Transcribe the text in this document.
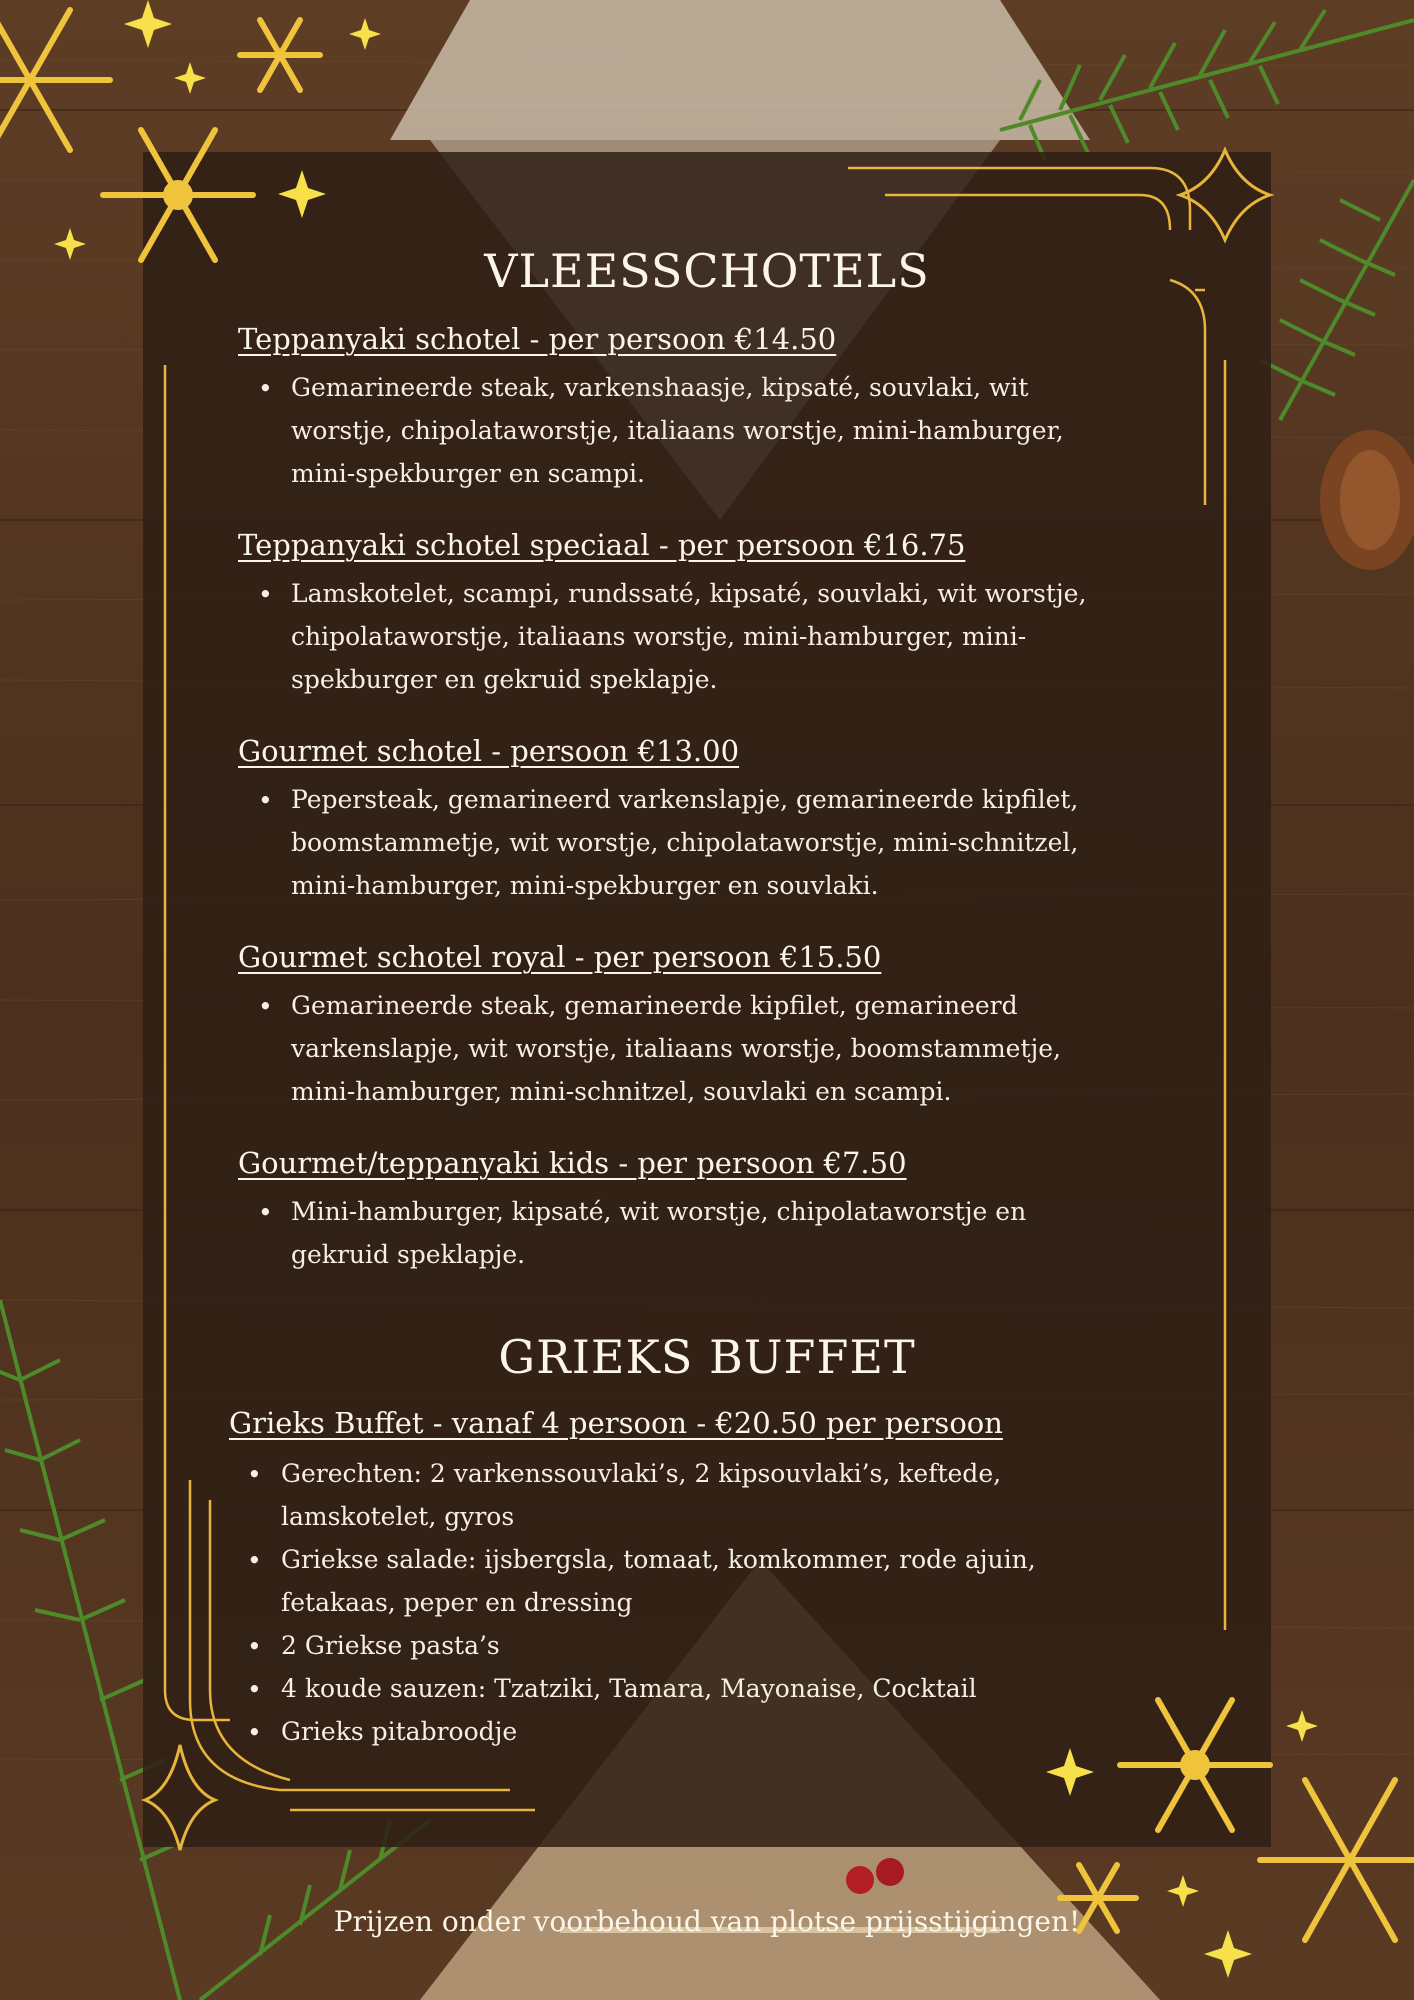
VLEESSCHOTELS
Teppanyaki schotel - per persoon €14.50
• Gemarineerde steak, varkenshaasje, kipsaté, souvlaki, wit
worstje, chipolataworstje, italiaans worstje, mini-hamburger,
mini-spekburger en scampi.
Teppanyaki schotel speciaal - per persoon €16.75
• Lamskotelet, scampi, rundssaté, kipsaté, souvlaki, wit worstje,
chipolataworstje, italiaans worstje, mini-hamburger, mini-
spekburger en gekruid speklapje.
Gourmet schotel - persoon €13.00
• Pepersteak, gemarineerd varkenslapje, gemarineerde kipfilet,
boomstammetje, wit worstje, chipolataworstje, mini-schnitzel,
mini-hamburger, mini-spekburger en souvlaki.
Gourmet schotel royal - per persoon €15.50
• Gemarineerde steak, gemarineerde kipfilet, gemarineerd
varkenslapje, wit worstje, italiaans worstje, boomstammetje,
mini-hamburger, mini-schnitzel, souvlaki en scampi.
Gourmet/teppanyaki kids - per persoon €7.50
• Mini-hamburger, kipsaté, wit worstje, chipolataworstje en
gekruid speklapje.
GRIEKS BUFFET
Grieks Buffet - vanaf 4 persoon - €20.50 per persoon
• Gerechten: 2 varkenssouvlaki’s, 2 kipsouvlaki’s, keftede,
lamskotelet, gyros
• Griekse salade: ijsbergsla, tomaat, komkommer, rode ajuin,
fetakaas, peper en dressing
• 2 Griekse pasta’s
• 4 koude sauzen: Tzatziki, Tamara, Mayonaise, Cocktail
• Grieks pitabroodje
Prijzen onder voorbehoud van plotse prijsstijgingen!
